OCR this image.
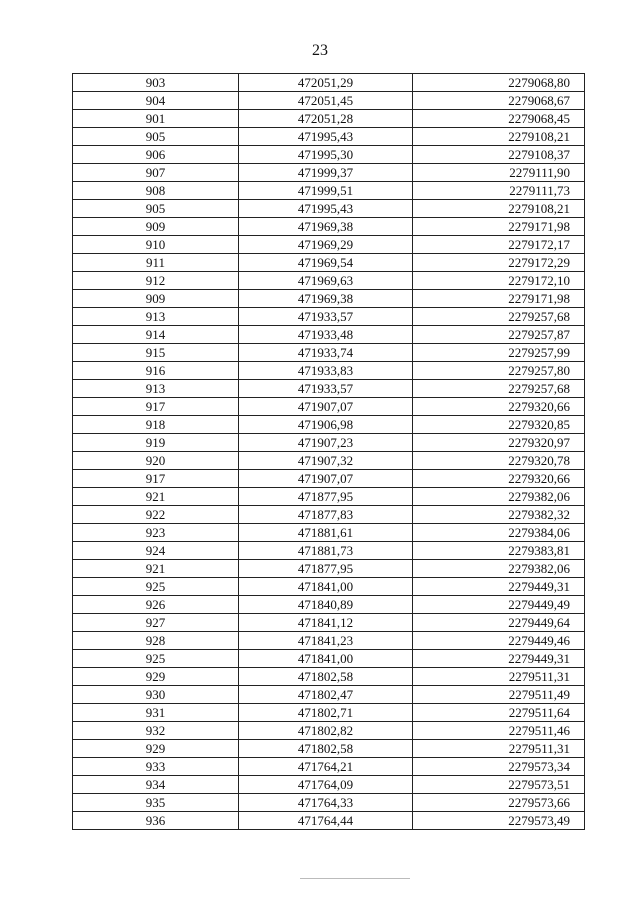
23
903	472051,29	2279068,80
904	472051,45	2279068,67
901	472051,28	2279068,45
905	471995,43	2279108,21
906	471995,30	2279108,37
907	471999,37	2279111,90
908	471999,51	2279111,73
905	471995,43	2279108,21
909	471969,38	2279171,98
910	471969,29	2279172,17
911	471969,54	2279172,29
912	471969,63	2279172,10
909	471969,38	2279171,98
913	471933,57	2279257,68
914	471933,48	2279257,87
915	471933,74	2279257,99
916	471933,83	2279257,80
913	471933,57	2279257,68
917	471907,07	2279320,66
918	471906,98	2279320,85
919	471907,23	2279320,97
920	471907,32	2279320,78
917	471907,07	2279320,66
921	471877,95	2279382,06
922	471877,83	2279382,32
923	471881,61	2279384,06
924	471881,73	2279383,81
921	471877,95	2279382,06
925	471841,00	2279449,31
926	471840,89	2279449,49
927	471841,12	2279449,64
928	471841,23	2279449,46
925	471841,00	2279449,31
929	471802,58	2279511,31
930	471802,47	2279511,49
931	471802,71	2279511,64
932	471802,82	2279511,46
929	471802,58	2279511,31
933	471764,21	2279573,34
934	471764,09	2279573,51
935	471764,33	2279573,66
936	471764,44	2279573,49
